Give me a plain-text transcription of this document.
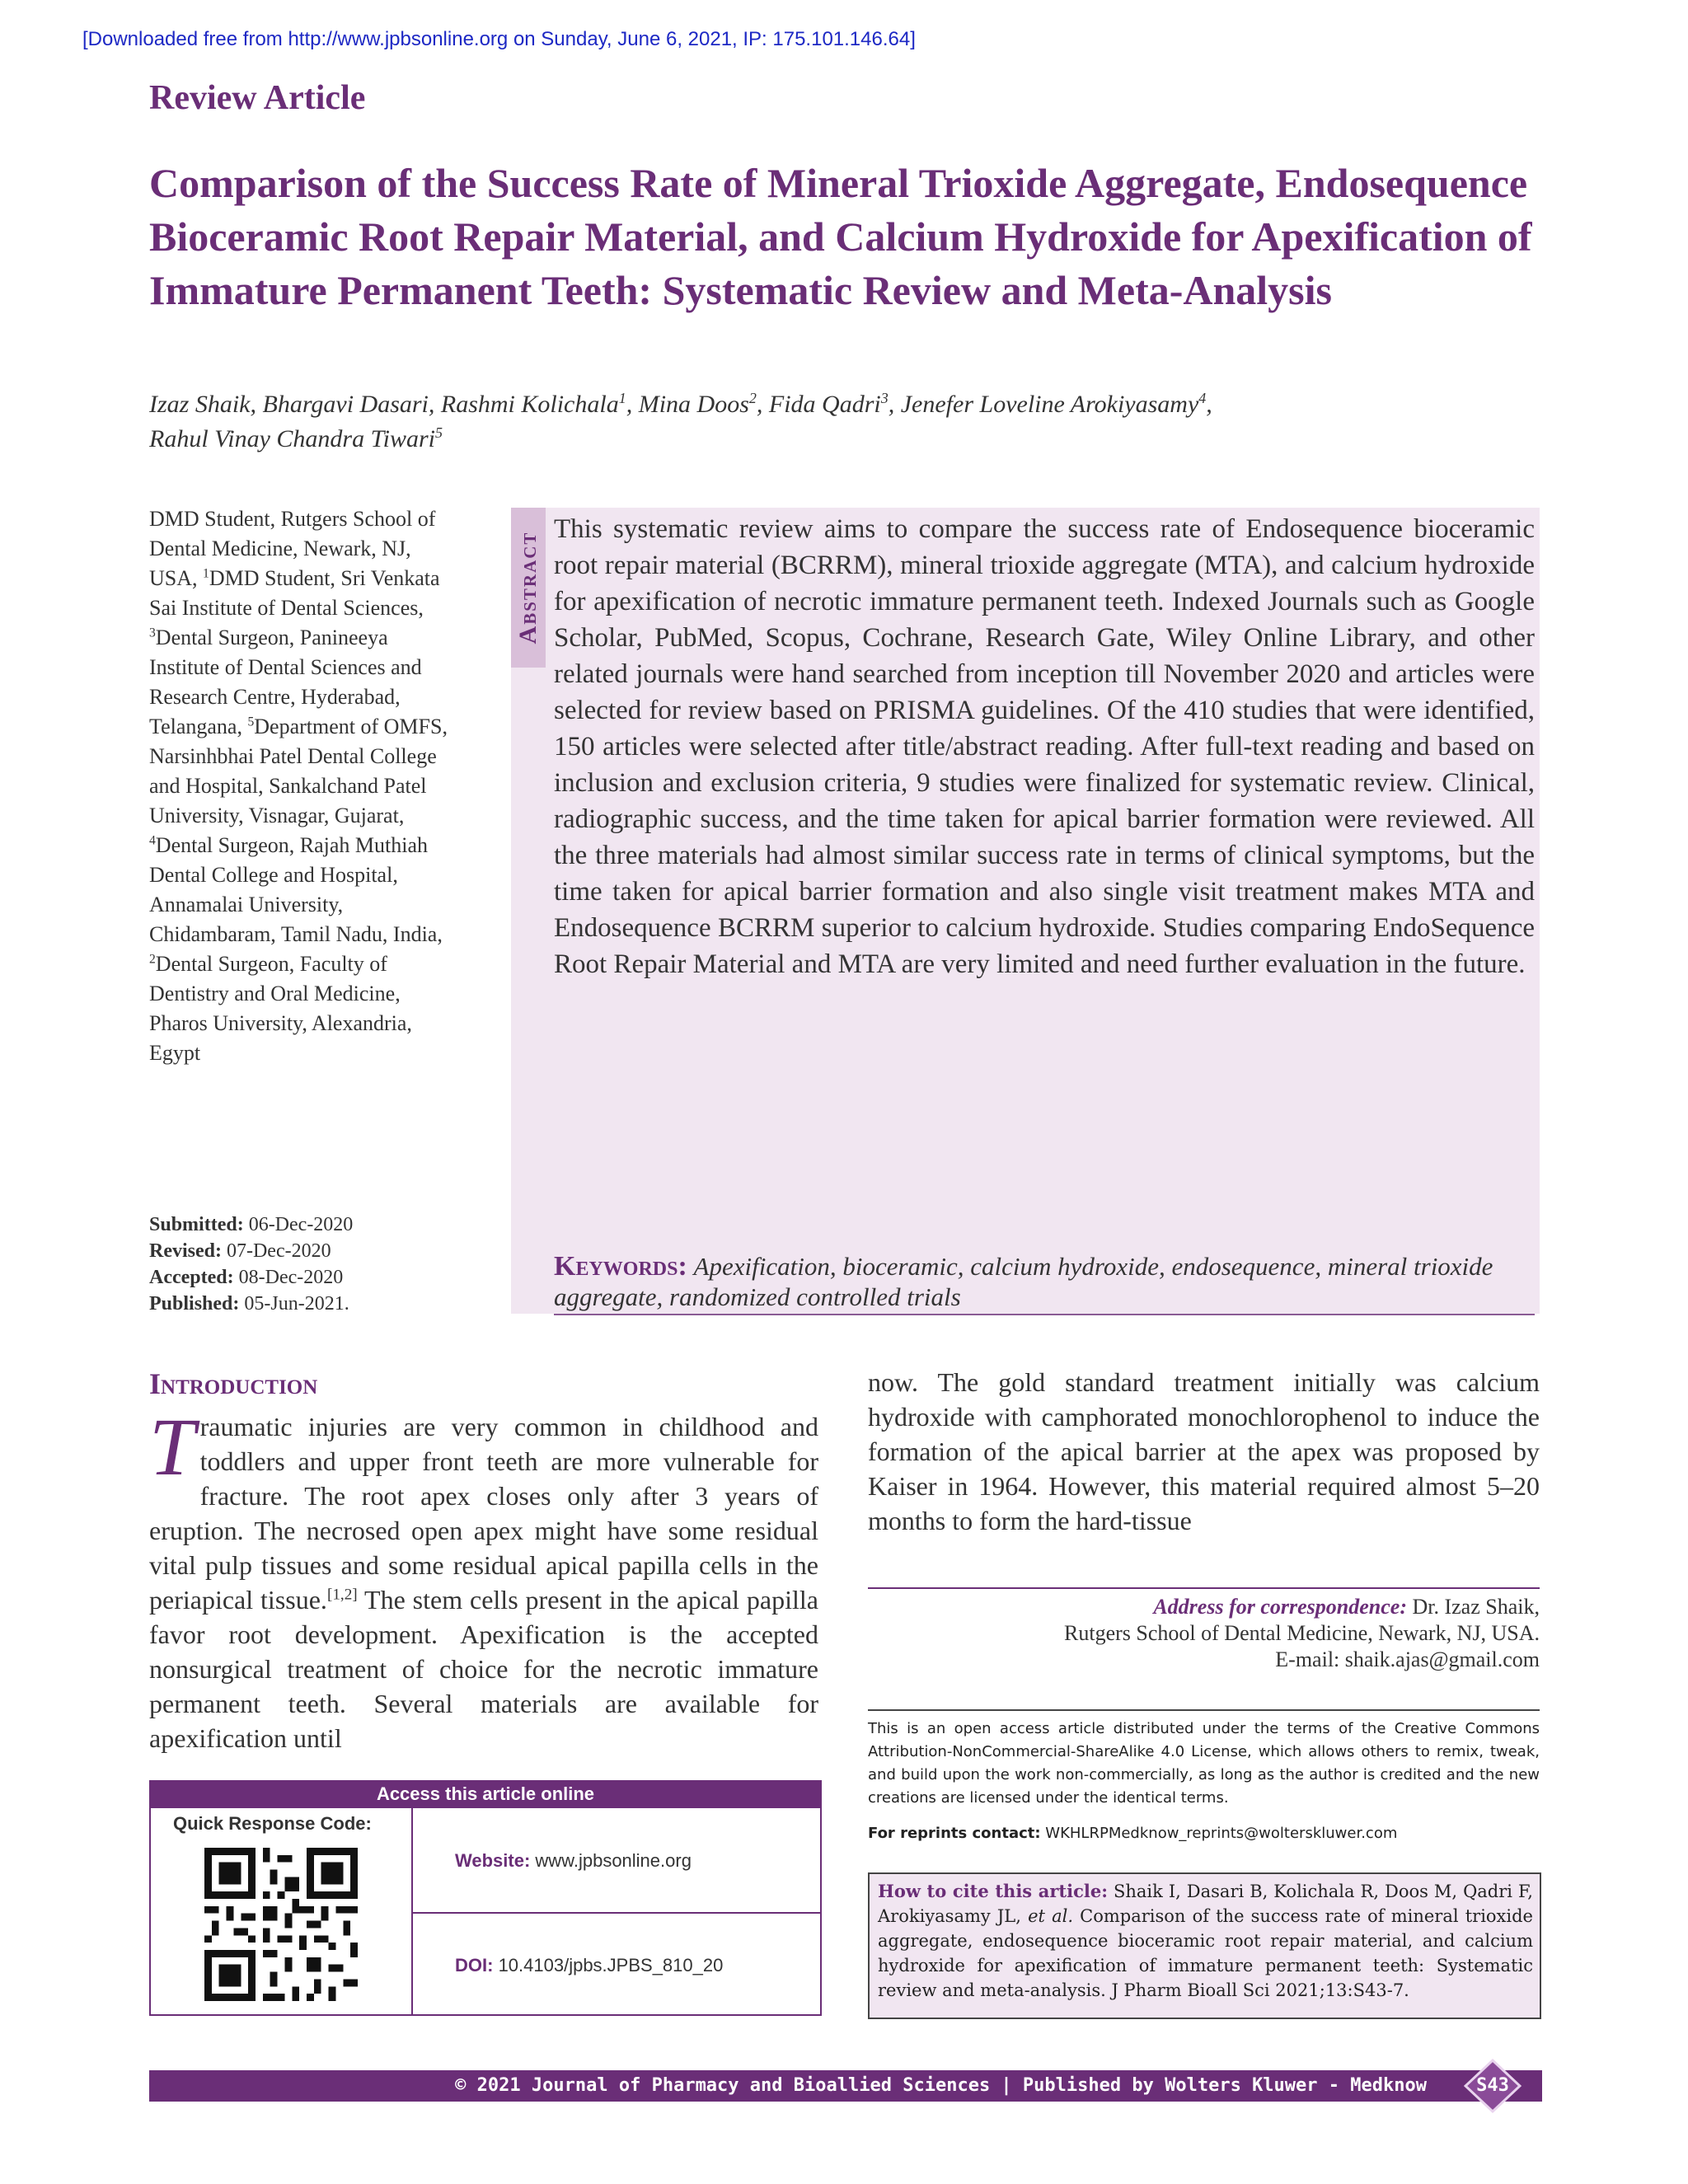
[Downloaded free from http://www.jpbsonline.org on Sunday, June 6, 2021, IP: 175.101.146.64]
Review Article
Comparison of the Success Rate of Mineral Trioxide Aggregate, Endosequence Bioceramic Root Repair Material, and Calcium Hydroxide for Apexification of Immature Permanent Teeth: Systematic Review and Meta-Analysis
Izaz Shaik, Bhargavi Dasari, Rashmi Kolichala$^1$, Mina Doos$^2$, Fida Qadri$^3$, Jenefer Loveline Arokiyasamy$^4$,
Rahul Vinay Chandra Tiwari$^5$
DMD Student, Rutgers School of Dental Medicine, Newark, NJ, USA, $^1$DMD Student, Sri Venkata Sai Institute of Dental Sciences, $^3$Dental Surgeon, Panineeya Institute of Dental Sciences and Research Centre, Hyderabad, Telangana, $^5$Department of OMFS, Narsinhbhai Patel Dental College and Hospital, Sankalchand Patel University, Visnagar, Gujarat, $^4$Dental Surgeon, Rajah Muthiah Dental College and Hospital, Annamalai University, Chidambaram, Tamil Nadu, India, $^2$Dental Surgeon, Faculty of Dentistry and Oral Medicine, Pharos University, Alexandria, Egypt
Submitted: 06-Dec-2020
Revised: 07-Dec-2020
Accepted: 08-Dec-2020
Published: 05-Jun-2021.
Abstract

This systematic review aims to compare the success rate of Endosequence bioceramic root repair material (BCRRM), mineral trioxide aggregate (MTA), and calcium hydroxide for apexification of necrotic immature permanent teeth. Indexed Journals such as Google Scholar, PubMed, Scopus, Cochrane, Research Gate, Wiley Online Library, and other related journals were hand searched from inception till November 2020 and articles were selected for review based on PRISMA guidelines. Of the 410 studies that were identified, 150 articles were selected after title/abstract reading. After full-text reading and based on inclusion and exclusion criteria, 9 studies were finalized for systematic review. Clinical, radiographic success, and the time taken for apical barrier formation were reviewed. All the three materials had almost similar success rate in terms of clinical symptoms, but the time taken for apical barrier formation and also single visit treatment makes MTA and Endosequence BCRRM superior to calcium hydroxide. Studies comparing EndoSequence Root Repair Material and MTA are very limited and need further evaluation in the future.

Keywords: Apexification, bioceramic, calcium hydroxide, endosequence, mineral trioxide aggregate, randomized controlled trials
Introduction

Traumatic injuries are very common in childhood and toddlers and upper front teeth are more vulnerable for fracture. The root apex closes only after 3 years of eruption. The necrosed open apex might have some residual vital pulp tissues and some residual apical papilla cells in the periapical tissue.[1,2] The stem cells present in the apical papilla favor root development. Apexification is the accepted nonsurgical treatment of choice for the necrotic immature permanent teeth. Several materials are available for apexification until

now. The gold standard treatment initially was calcium hydroxide with camphorated monochlorophenol to induce the formation of the apical barrier at the apex was proposed by Kaiser in 1964. However, this material required almost 5–20 months to form the hard-tissue

Address for correspondence: Dr. Izaz Shaik,
Rutgers School of Dental Medicine, Newark, NJ, USA.
E-mail: shaik.ajas@gmail.com
This is an open access article distributed under the terms of the Creative Commons Attribution-NonCommercial-ShareAlike 4.0 License, which allows others to remix, tweak, and build upon the work non-commercially, as long as the author is credited and the new creations are licensed under the identical terms.
For reprints contact: WKHLRPMedknow_reprints@wolterskluwer.com
How to cite this article: Shaik I, Dasari B, Kolichala R, Doos M, Qadri F, Arokiyasamy JL, et al. Comparison of the success rate of mineral trioxide aggregate, endosequence bioceramic root repair material, and calcium hydroxide for apexification of immature permanent teeth: Systematic review and meta-analysis. J Pharm Bioall Sci 2021;13:S43-7.
Access this article online
Quick Response Code:
Website: www.jpbsonline.org
DOI: 10.4103/jpbs.JPBS_810_20
© 2021 Journal of Pharmacy and Bioallied Sciences | Published by Wolters Kluwer - Medknow	S43
